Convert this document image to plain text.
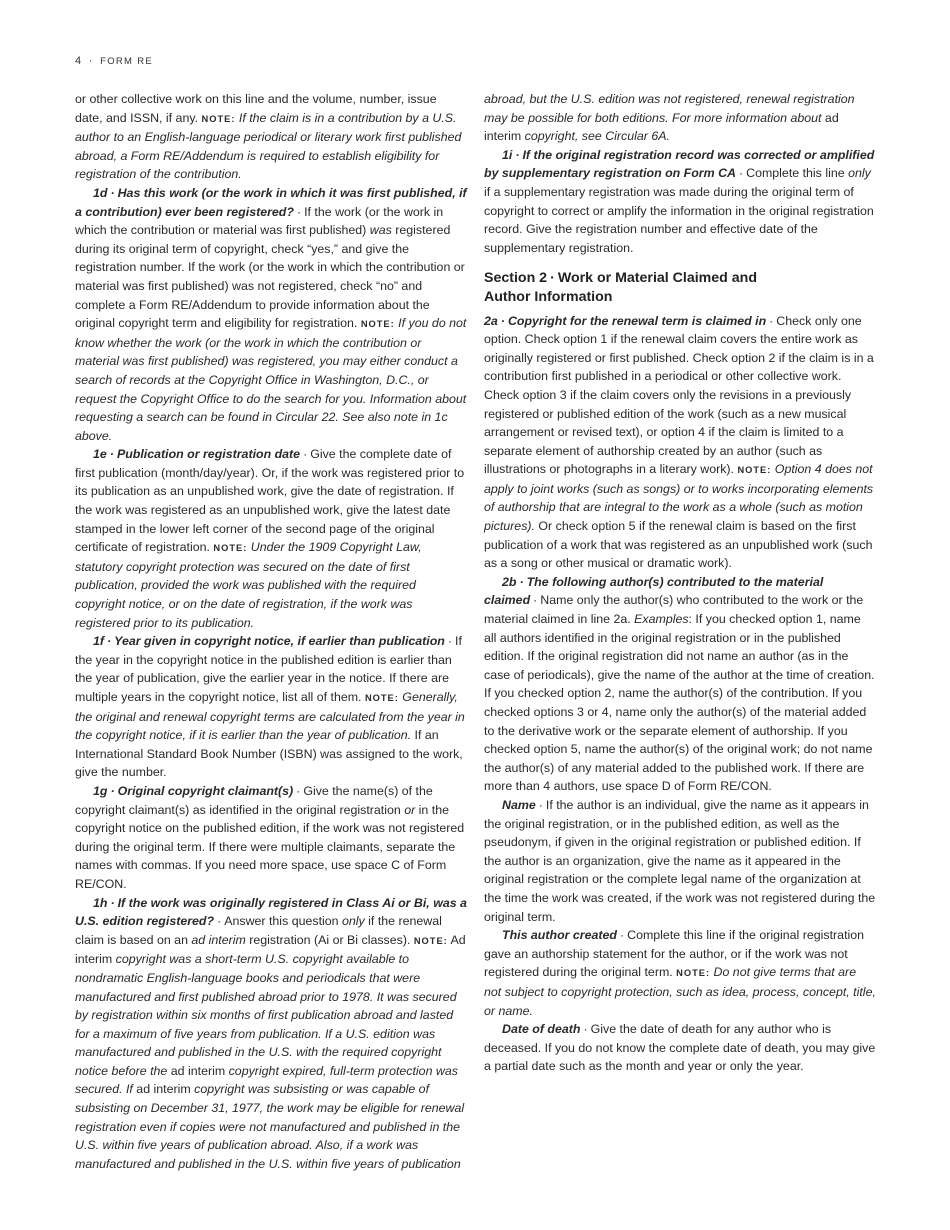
4 · FORM RE

or other collective work on this line and the volume, number, issue date, and ISSN, if any. NOTE: If the claim is in a contribution by a U.S. author to an English-language periodical or literary work first published abroad, a Form RE/Addendum is required to establish eligibility for registration of the contribution.

1d · Has this work (or the work in which it was first published, if a contribution) ever been registered? · If the work (or the work in which the contribution or material was first published) was registered during its original term of copyright, check “yes,” and give the registration number. If the work (or the work in which the contribution or material was first published) was not registered, check “no” and complete a Form RE/Addendum to provide information about the original copyright term and eligibility for registration. NOTE: If you do not know whether the work (or the work in which the contribution or material was first published) was registered, you may either conduct a search of records at the Copyright Office in Washington, D.C., or request the Copyright Office to do the search for you. Information about requesting a search can be found in Circular 22. See also note in 1c above.

1e · Publication or registration date · Give the complete date of first publication (month/day/year). Or, if the work was registered prior to its publication as an unpublished work, give the date of registration. If the work was registered as an unpublished work, give the latest date stamped in the lower left corner of the second page of the original certificate of registration. NOTE: Under the 1909 Copyright Law, statutory copyright protection was secured on the date of first publication, provided the work was published with the required copyright notice, or on the date of registration, if the work was registered prior to its publication.

1f · Year given in copyright notice, if earlier than publication · If the year in the copyright notice in the published edition is earlier than the year of publication, give the earlier year in the notice. If there are multiple years in the copyright notice, list all of them. NOTE: Generally, the original and renewal copyright terms are calculated from the year in the copyright notice, if it is earlier than the year of publication. If an International Standard Book Number (ISBN) was assigned to the work, give the number.

1g · Original copyright claimant(s) · Give the name(s) of the copyright claimant(s) as identified in the original registration or in the copyright notice on the published edition, if the work was not registered during the original term. If there were multiple claimants, separate the names with commas. If you need more space, use space C of Form RE/CON.

1h · If the work was originally registered in Class Ai or Bi, was a U.S. edition registered? · Answer this question only if the renewal claim is based on an ad interim registration (Ai or Bi classes). NOTE: Ad interim copyright was a short-term U.S. copyright available to nondramatic English-language books and periodicals that were manufactured and first published abroad prior to 1978. It was secured by registration within six months of first publication abroad and lasted for a maximum of five years from publication. If a U.S. edition was manufactured and published in the U.S. with the required copyright notice before the ad interim copyright expired, full-term protection was secured. If ad interim copyright was subsisting or was capable of subsisting on December 31, 1977, the work may be eligible for renewal registration even if copies were not manufactured and published in the U.S. within five years of publication abroad. Also, if a work was manufactured and published in the U.S. within five years of publication

abroad, but the U.S. edition was not registered, renewal registration may be possible for both editions. For more information about ad interim copyright, see Circular 6A.

1i · If the original registration record was corrected or amplified by supplementary registration on Form CA · Complete this line only if a supplementary registration was made during the original term of copyright to correct or amplify the information in the original registration record. Give the registration number and effective date of the supplementary registration.

Section 2 · Work or Material Claimed and
Author Information

2a · Copyright for the renewal term is claimed in · Check only one option. Check option 1 if the renewal claim covers the entire work as originally registered or first published. Check option 2 if the claim is in a contribution first published in a periodical or other collective work. Check option 3 if the claim covers only the revisions in a previously registered or published edition of the work (such as a new musical arrangement or revised text), or option 4 if the claim is limited to a separate element of authorship created by an author (such as illustrations or photographs in a literary work). NOTE: Option 4 does not apply to joint works (such as songs) or to works incorporating elements of authorship that are integral to the work as a whole (such as motion pictures). Or check option 5 if the renewal claim is based on the first publication of a work that was registered as an unpublished work (such as a song or other musical or dramatic work).

2b · The following author(s) contributed to the material claimed · Name only the author(s) who contributed to the work or the material claimed in line 2a. Examples: If you checked option 1, name all authors identified in the original registration or in the published edition. If the original registration did not name an author (as in the case of periodicals), give the name of the author at the time of creation. If you checked option 2, name the author(s) of the contribution. If you checked options 3 or 4, name only the author(s) of the material added to the derivative work or the separate element of authorship. If you checked option 5, name the author(s) of the original work; do not name the author(s) of any material added to the published work. If there are more than 4 authors, use space D of Form RE/CON.

Name · If the author is an individual, give the name as it appears in the original registration, or in the published edition, as well as the pseudonym, if given in the original registration or published edition. If the author is an organization, give the name as it appeared in the original registration or the complete legal name of the organization at the time the work was created, if the work was not registered during the original term.

This author created · Complete this line if the original registration gave an authorship statement for the author, or if the work was not registered during the original term. NOTE: Do not give terms that are not subject to copyright protection, such as idea, process, concept, title, or name.

Date of death · Give the date of death for any author who is deceased. If you do not know the complete date of death, you may give a partial date such as the month and year or only the year.
